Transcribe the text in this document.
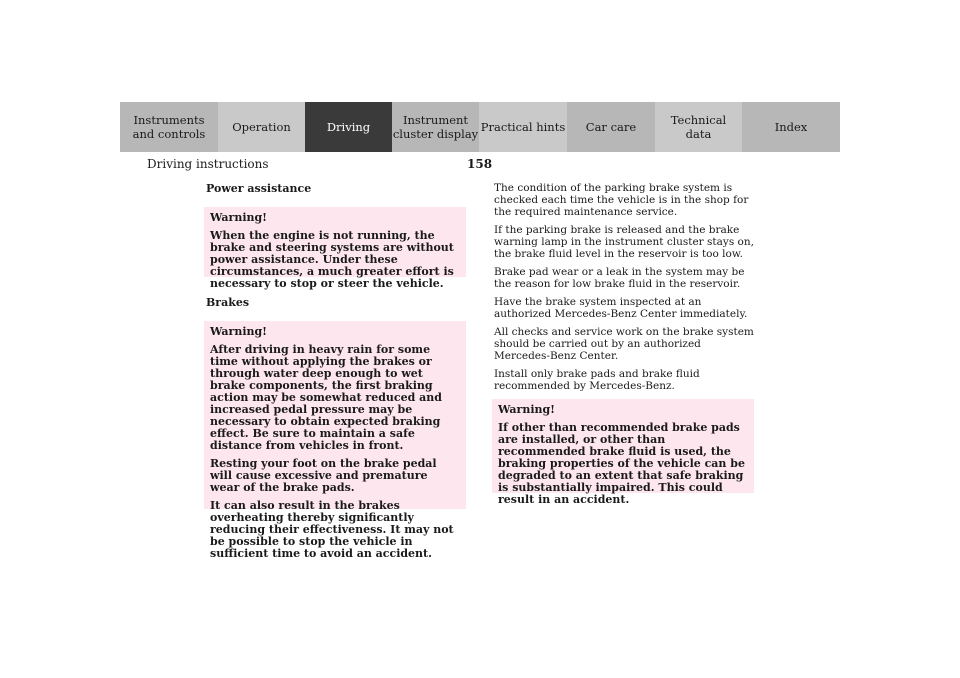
Instruments
and controls Operation	Driving	Instrument
cluster display Practical hints Car care	Technical
data	Index
Driving instructions	158
Power assistance
Warning!

When the engine is not running, the brake and steering systems are without power assistance. Under these circumstances, a much greater effort is necessary to stop or steer the vehicle.

Brakes
Warning!

After driving in heavy rain for some time without applying the brakes or through water deep enough to wet brake components, the first braking action may be somewhat reduced and increased pedal pressure may be necessary to obtain expected braking effect. Be sure to maintain a safe distance from vehicles in front.

Resting your foot on the brake pedal will cause excessive and premature wear of the brake pads.

It can also result in the brakes overheating thereby significantly reducing their effectiveness. It may not be possible to stop the vehicle in sufficient time to avoid an accident.

The condition of the parking brake system is checked each time the vehicle is in the shop for the required maintenance service.

If the parking brake is released and the brake warning lamp in the instrument cluster stays on, the brake fluid level in the reservoir is too low.

Brake pad wear or a leak in the system may be the reason for low brake fluid in the reservoir.

Have the brake system inspected at an authorized Mercedes-Benz Center immediately.

All checks and service work on the brake system should be carried out by an authorized Mercedes-Benz Center.

Install only brake pads and brake fluid recommended by Mercedes-Benz.

Warning!

If other than recommended brake pads are installed, or other than recommended brake fluid is used, the braking properties of the vehicle can be degraded to an extent that safe braking is substantially impaired. This could result in an accident.
